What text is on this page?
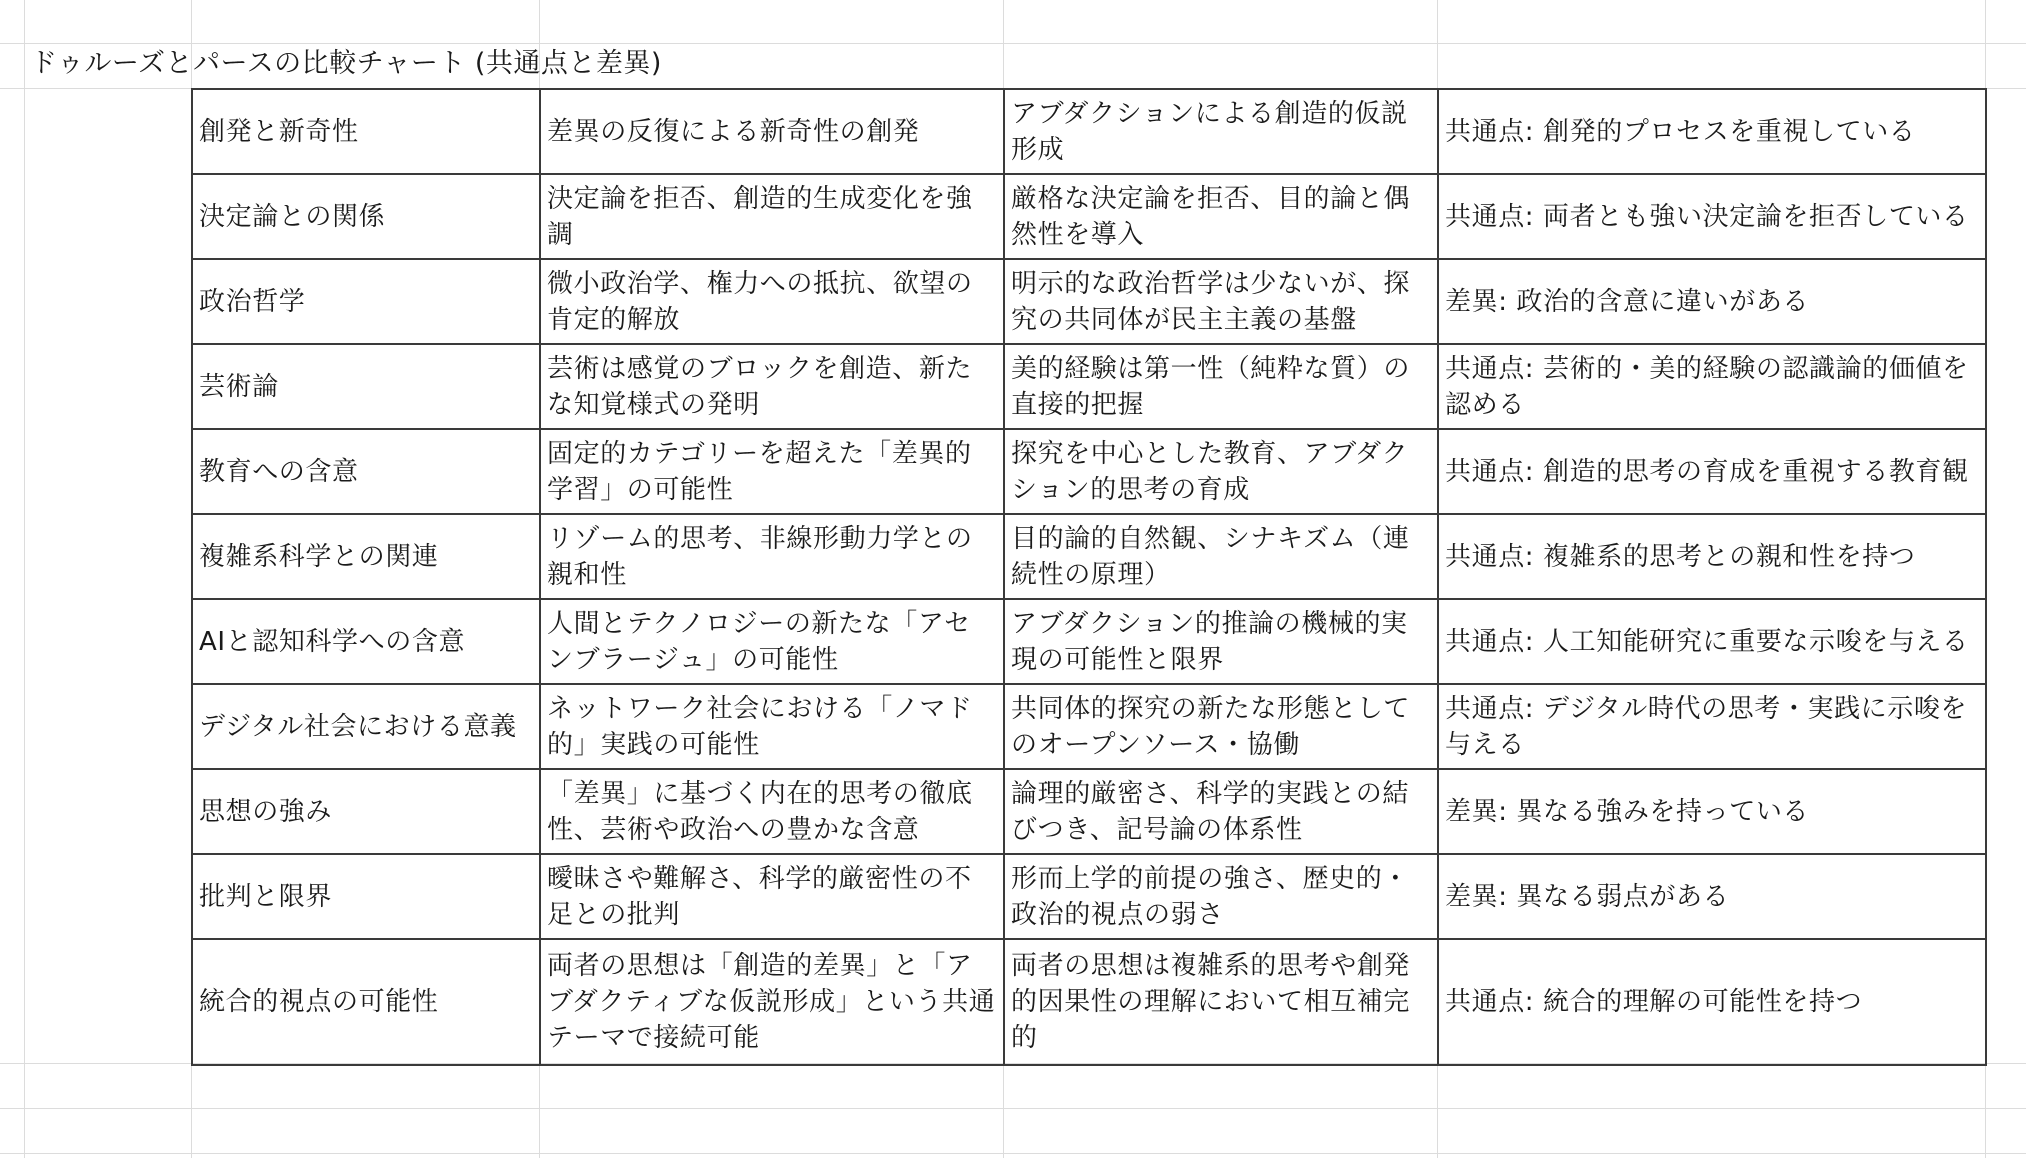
ドゥルーズとパースの比較チャート (共通点と差異)
創発と新奇性	差異の反復による新奇性の創発	アブダクションによる創造的仮説形成	共通点: 創発的プロセスを重視している
決定論との関係	決定論を拒否、創造的生成変化を強調	厳格な決定論を拒否、目的論と偶然性を導入	共通点: 両者とも強い決定論を拒否している
政治哲学	微小政治学、権力への抵抗、欲望の肯定的解放	明示的な政治哲学は少ないが、探究の共同体が民主主義の基盤	差異: 政治的含意に違いがある
芸術論	芸術は感覚のブロックを創造、新たな知覚様式の発明	美的経験は第一性（純粋な質）の直接的把握	共通点: 芸術的・美的経験の認識論的価値を認める
教育への含意	固定的カテゴリーを超えた「差異的学習」の可能性	探究を中心とした教育、アブダクション的思考の育成	共通点: 創造的思考の育成を重視する教育観
複雑系科学との関連	リゾーム的思考、非線形動力学との親和性	目的論的自然観、シナキズム（連続性の原理）	共通点: 複雑系的思考との親和性を持つ
AIと認知科学への含意	人間とテクノロジーの新たな「アセンブラージュ」の可能性	アブダクション的推論の機械的実現の可能性と限界	共通点: 人工知能研究に重要な示唆を与える
デジタル社会における意義	ネットワーク社会における「ノマド的」実践の可能性	共同体的探究の新たな形態としてのオープンソース・協働	共通点: デジタル時代の思考・実践に示唆を与える
思想の強み	「差異」に基づく内在的思考の徹底性、芸術や政治への豊かな含意	論理的厳密さ、科学的実践との結びつき、記号論の体系性	差異: 異なる強みを持っている
批判と限界	曖昧さや難解さ、科学的厳密性の不足との批判	形而上学的前提の強さ、歴史的・政治的視点の弱さ	差異: 異なる弱点がある
統合的視点の可能性	両者の思想は「創造的差異」と「アブダクティブな仮説形成」という共通テーマで接続可能	両者の思想は複雑系的思考や創発的因果性の理解において相互補完的	共通点: 統合的理解の可能性を持つ
